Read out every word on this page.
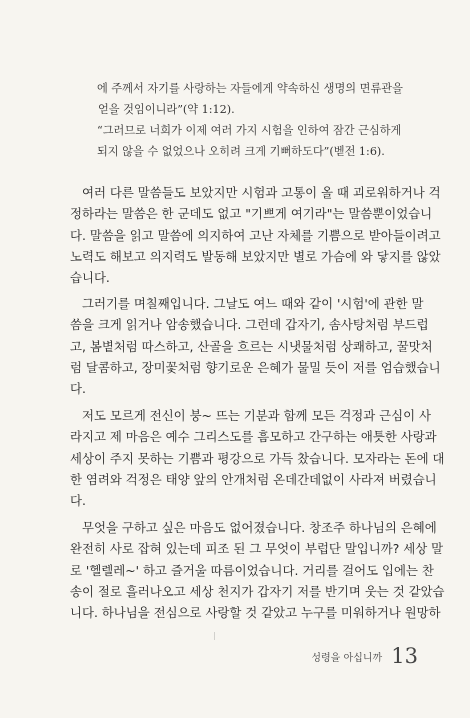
에 주께서 자기를 사랑하는 자들에게 약속하신 생명의 면류관을
얻을 것임이니라”(약 1:12).
“그러므로 너희가 이제 여러 가지 시험을 인하여 잠간 근심하게
되지 않을 수 없었으나 오히려 크게 기뻐하도다”(벧전 1:6).
여러 다른 말씀들도 보았지만 시험과 고통이 올 때 괴로워하거나 걱
정하라는 말씀은 한 군데도 없고 "기쁘게 여기라"는 말씀뿐이었습니
다. 말씀을 읽고 말씀에 의지하여 고난 자체를 기쁨으로 받아들이려고
노력도 해보고 의지력도 발동해 보았지만 별로 가슴에 와 닿지를 않았
습니다.
그러기를 며칠째입니다. 그날도 여느 때와 같이 '시험'에 관한 말
씀을 크게 읽거나 암송했습니다. 그런데 갑자기, 솜사탕처럼 부드럽
고, 봄볕처럼 따스하고, 산골을 흐르는 시냇물처럼 상쾌하고, 꿀맛처
럼 달콤하고, 장미꽃처럼 향기로운 은혜가 물밀 듯이 저를 엄습했습니
다.
저도 모르게 전신이 붕~ 뜨는 기분과 함께 모든 걱정과 근심이 사
라지고 제 마음은 예수 그리스도를 흠모하고 간구하는 애틋한 사랑과
세상이 주지 못하는 기쁨과 평강으로 가득 찼습니다. 모자라는 돈에 대
한 염려와 걱정은 태양 앞의 안개처럼 온데간데없이 사라져 버렸습니
다.
무엇을 구하고 싶은 마음도 없어졌습니다. 창조주 하나님의 은혜에
완전히 사로 잡혀 있는데 피조 된 그 무엇이 부럽단 말입니까? 세상 말
로 '헬렐레~' 하고 즐거울 따름이었습니다. 거리를 걸어도 입에는 찬
송이 절로 흘러나오고 세상 천지가 갑자기 저를 반기며 웃는 것 같았습
니다. 하나님을 전심으로 사랑할 것 같았고 누구를 미워하거나 원망하
|
성령을 아십니까 13
